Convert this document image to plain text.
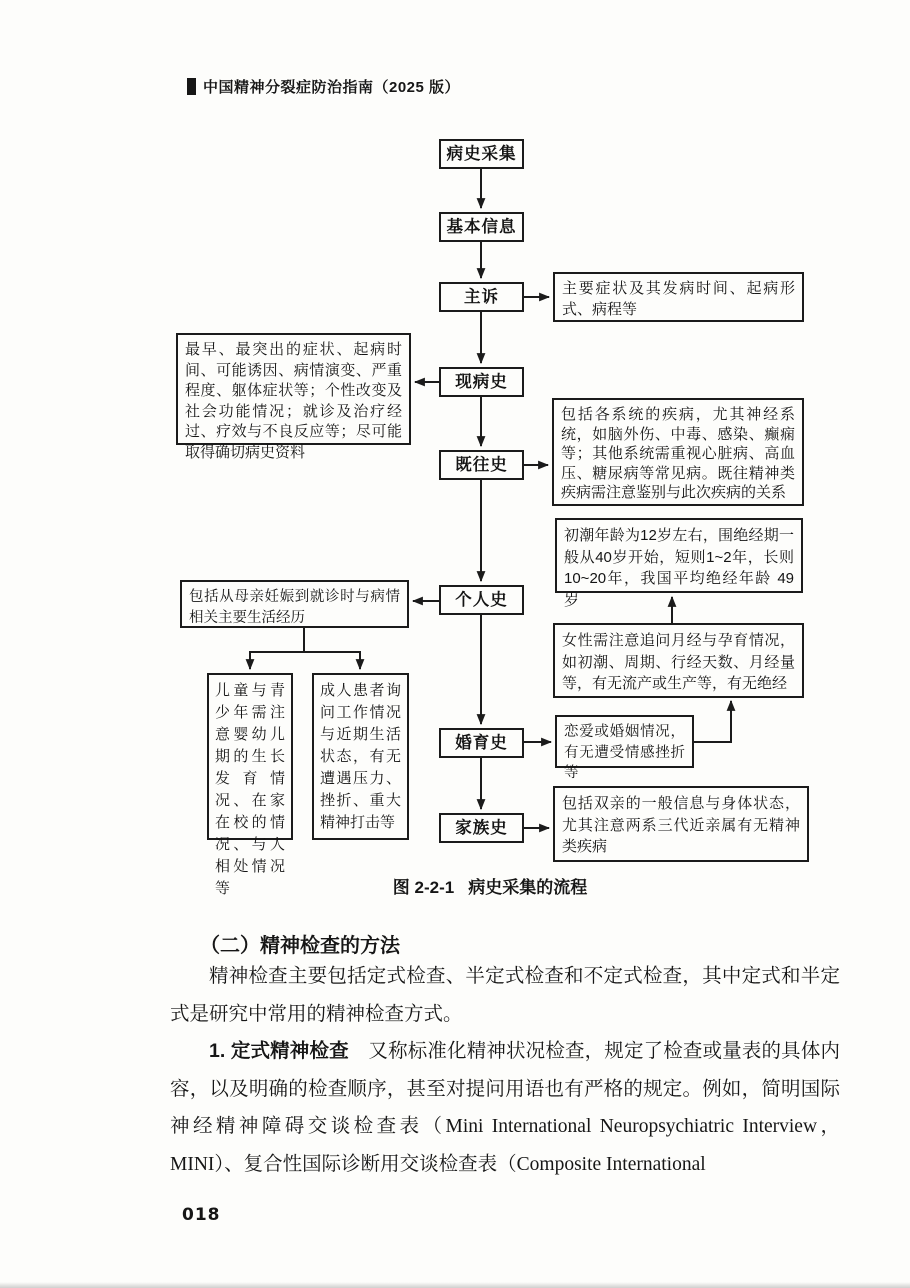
中国精神分裂症防治指南（2025 版）
病史采集
基本信息
主诉
现病史
既往史
个人史
婚育史
家族史
主要症状及其发病时间、起病形式、病程等
最早、最突出的症状、起病时间、可能诱因、病情演变、严重程度、躯体症状等；个性改变及社会功能情况；就诊及治疗经过、疗效与不良反应等；尽可能取得确切病史资料
包括各系统的疾病，尤其神经系统，如脑外伤、中毒、感染、癫痫等；其他系统需重视心脏病、高血压、糖尿病等常见病。既往精神类疾病需注意鉴别与此次疾病的关系
初潮年龄为12岁左右，围绝经期一般从40岁开始，短则1~2年，长则10~20年，我国平均绝经年龄 49 岁
女性需注意追问月经与孕育情况，如初潮、周期、行经天数、月经量等，有无流产或生产等，有无绝经
包括从母亲妊娠到就诊时与病情相关主要生活经历
儿童与青少年需注意婴幼儿期的生长发育情况、在家在校的情况、与人相处情况等
成人患者询问工作情况与近期生活状态，有无遭遇压力、挫折、重大精神打击等
恋爱或婚姻情况，有无遭受情感挫折等
包括双亲的一般信息与身体状态，尤其注意两系三代近亲属有无精神类疾病
图 2-2-1 病史采集的流程
（二）精神检查的方法

精神检查主要包括定式检查、半定式检查和不定式检查，其中定式和半定式是研究中常用的精神检查方式。

1. 定式精神检查　又称标准化精神状况检查，规定了检查或量表的具体内容，以及明确的检查顺序，甚至对提问用语也有严格的规定。例如，简明国际神经精神障碍交谈检查表（Mini International Neuropsychiatric Interview，MINI）、复合性国际诊断用交谈检查表（Composite International

018
